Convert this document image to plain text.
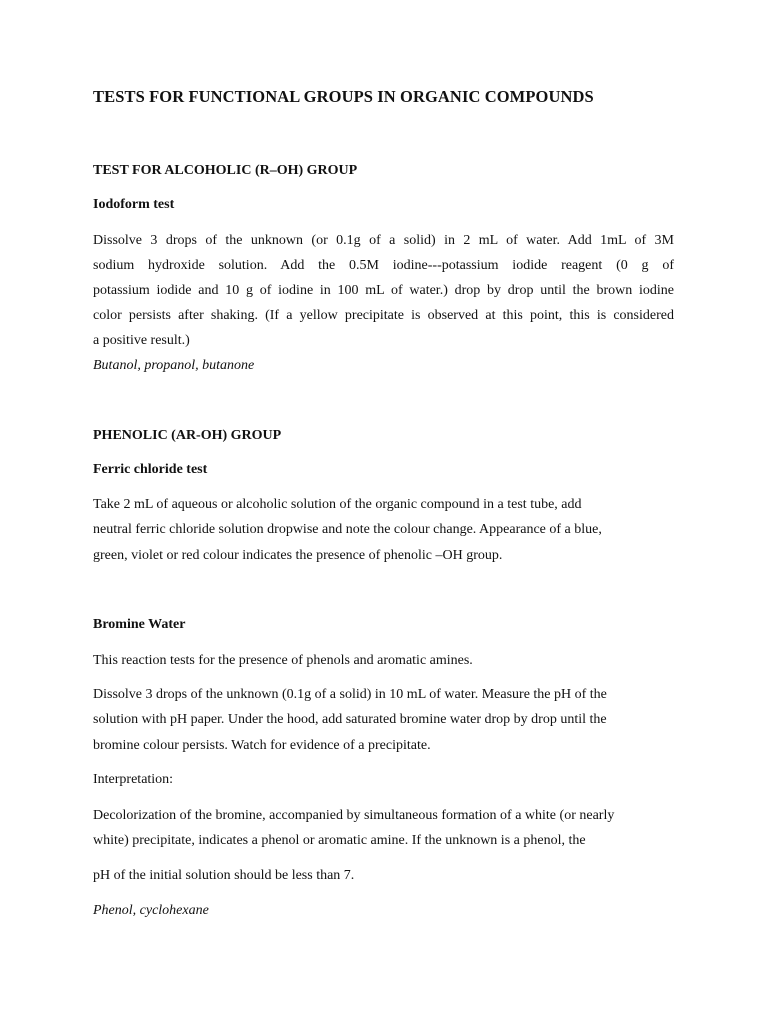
TESTS FOR FUNCTIONAL GROUPS IN ORGANIC COMPOUNDS
TEST FOR ALCOHOLIC (R–OH) GROUP
Iodoform test
Dissolve 3 drops of the unknown (or 0.1g of a solid) in 2 mL of water. Add 1mL of 3M
sodium hydroxide solution. Add the 0.5M iodine---potassium iodide reagent (0 g of
potassium iodide and 10 g of iodine in 100 mL of water.) drop by drop until the brown iodine
color persists after shaking. (If a yellow precipitate is observed at this point, this is considered
a positive result.)
Butanol, propanol, butanone
PHENOLIC (AR-OH) GROUP
Ferric chloride test
Take 2 mL of aqueous or alcoholic solution of the organic compound in a test tube, add
neutral ferric chloride solution dropwise and note the colour change. Appearance of a blue,
green, violet or red colour indicates the presence of phenolic –OH group.
Bromine Water
This reaction tests for the presence of phenols and aromatic amines.
Dissolve 3 drops of the unknown (0.1g of a solid) in 10 mL of water. Measure the pH of the
solution with pH paper. Under the hood, add saturated bromine water drop by drop until the
bromine colour persists. Watch for evidence of a precipitate.
Interpretation:
Decolorization of the bromine, accompanied by simultaneous formation of a white (or nearly
white) precipitate, indicates a phenol or aromatic amine. If the unknown is a phenol, the
pH of the initial solution should be less than 7.
Phenol, cyclohexane
